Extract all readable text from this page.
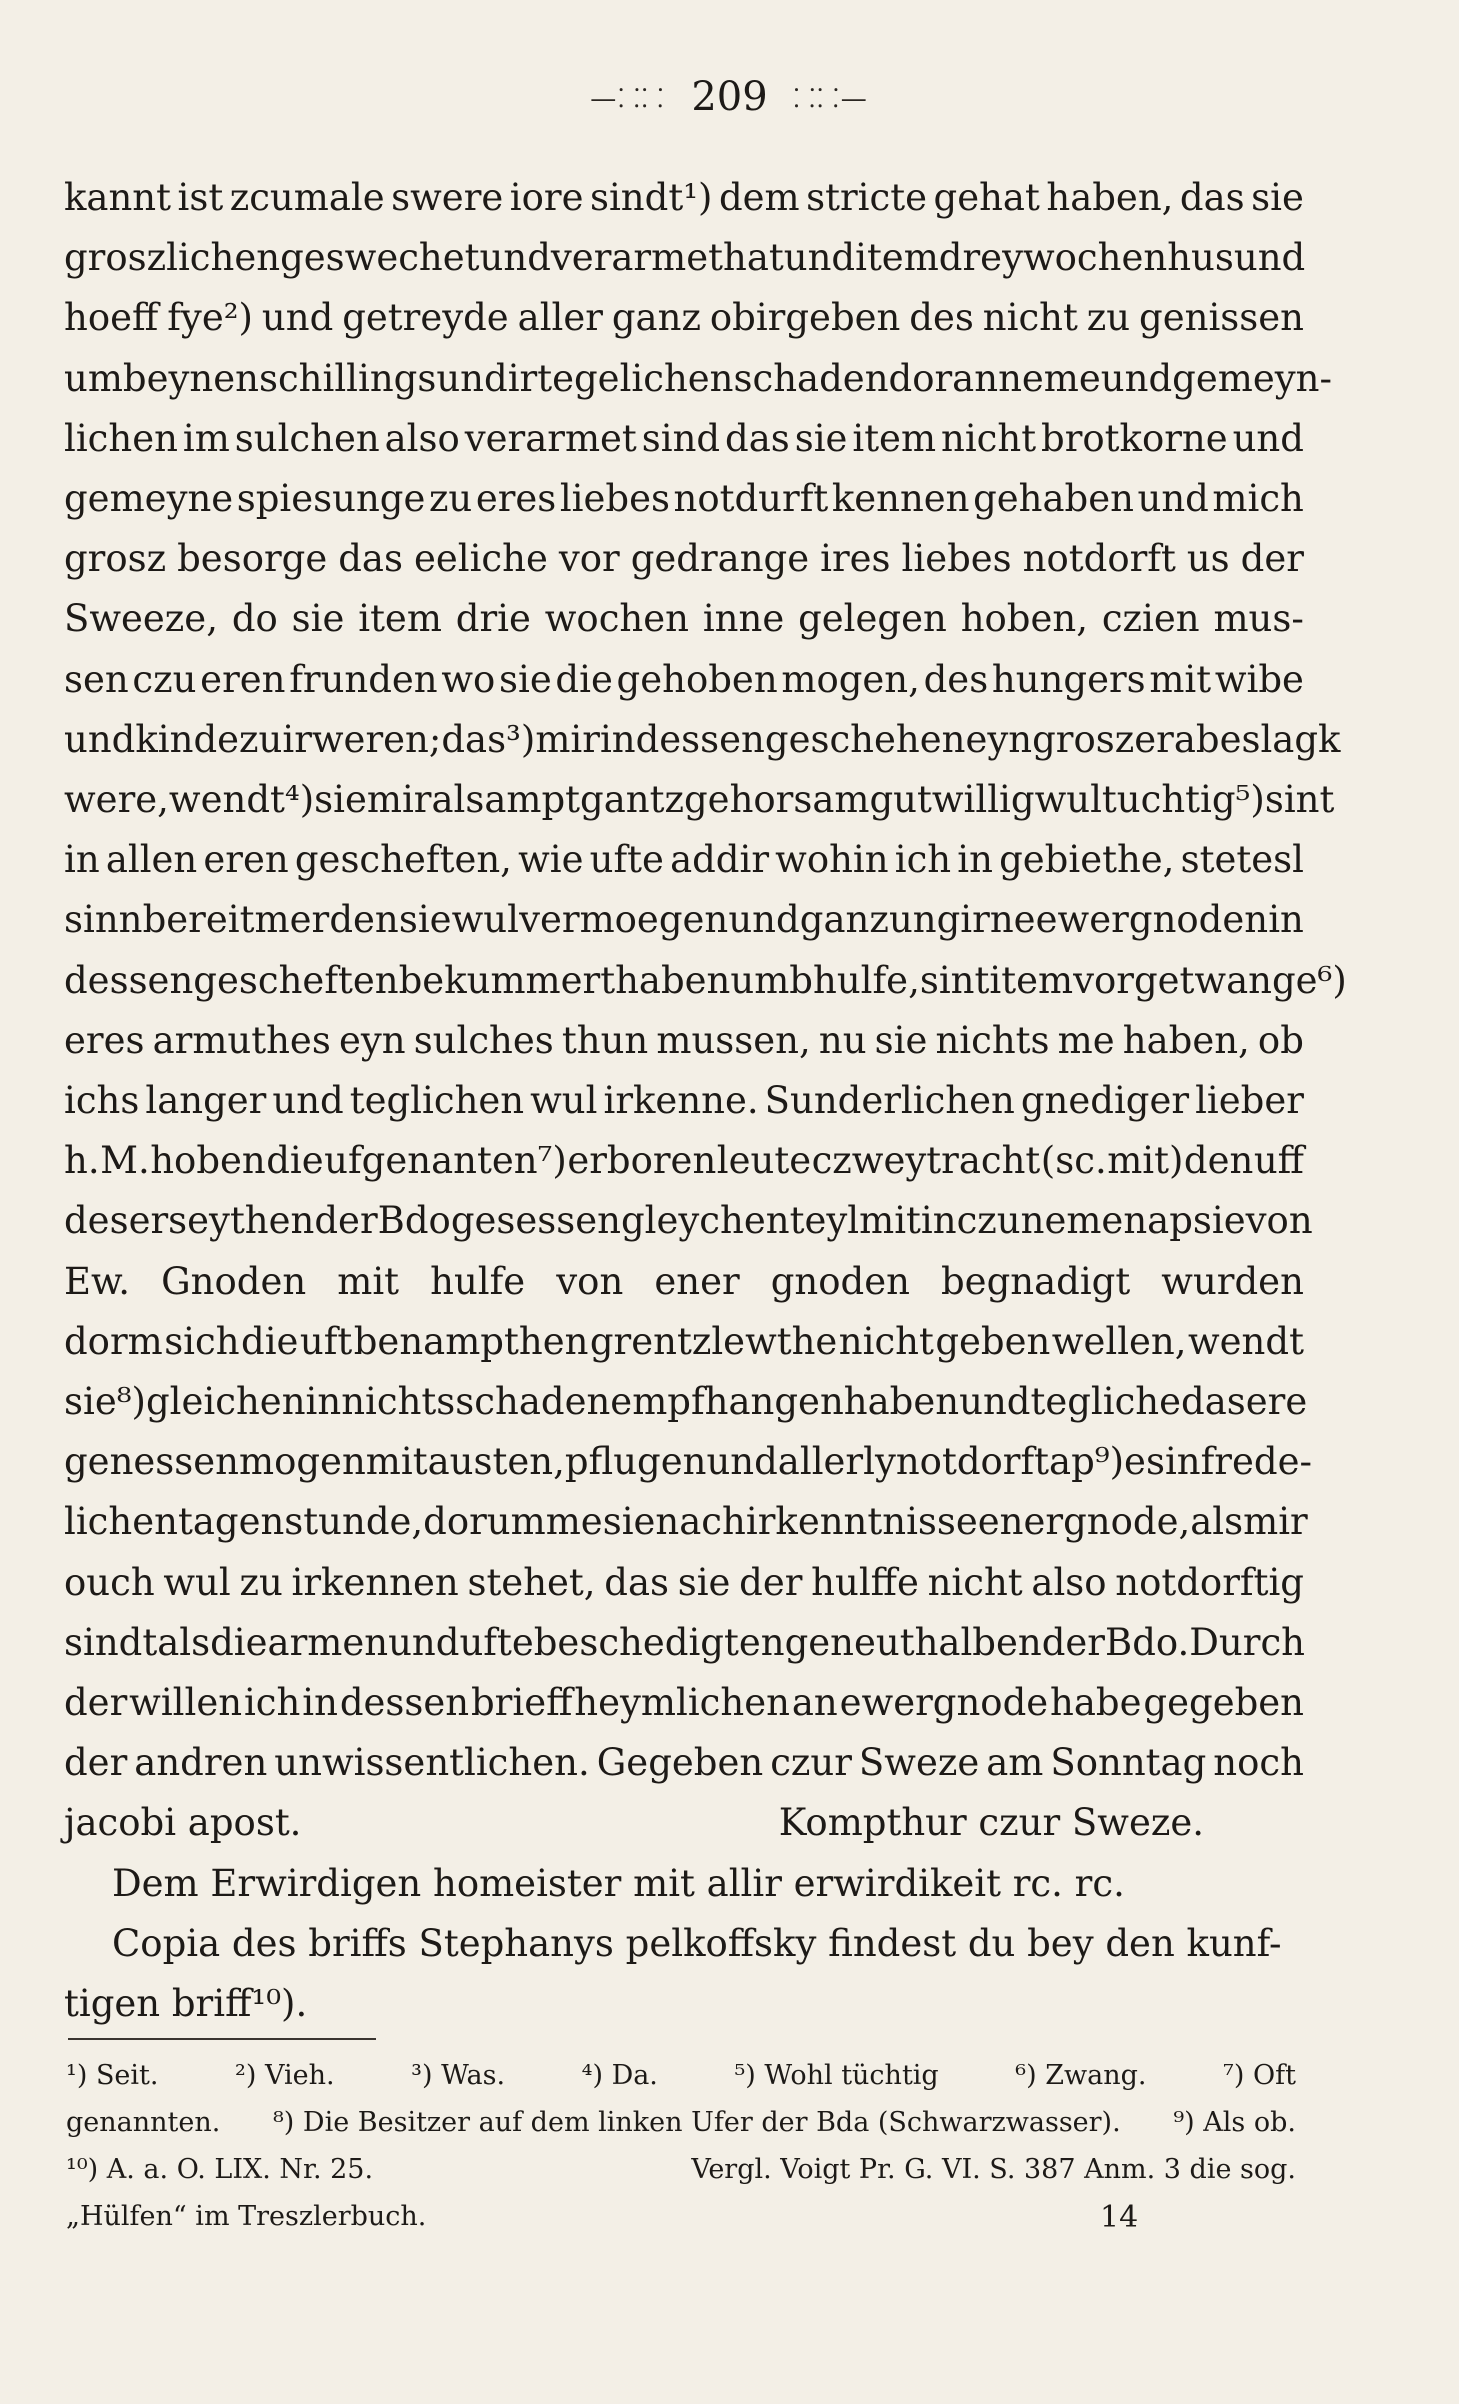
—⸬⸬ 209 ⸬⸬—
kannt ist zcumale swere iore sindt¹) dem stricte gehat haben, das sie
groszlichen geswechet und verarmet hat und item drey wochen hus und
hoeff fye²) und getreyde aller ganz obirgeben des nicht zu genissen
umb eynen schilling sundir tegelichen schaden doran neme und gemeyn-
lichen im sulchen also verarmet sind das sie item nicht brotkorne und
gemeyne spiesunge zu eres liebes notdurft kennen gehaben und mich
grosz besorge das eeliche vor gedrange ires liebes notdorft us der
Sweeze, do sie item drie wochen inne gelegen hoben, czien mus-
sen czu eren frunden wo sie die gehoben mogen, des hungers mit wibe
und kinde zu irweren; das³) mir indessen geschehen eyn groszer abeslagk
were, wendt⁴) sie mir alsampt gantz gehorsam gutwillig wultuchtig⁵) sint
in allen eren gescheften, wie ufte addir wohin ich in gebiethe, stetesl
sinn bereit mer den sie wul vermoegen und ganz ungirne ewer gnoden in
dessen gescheften bekummert haben umb hulfe, sint item vor getwange⁶)
eres armuthes eyn sulches thun mussen, nu sie nichts me haben, ob
ichs langer und teglichen wul irkenne. Sunderlichen gnediger lieber
h. M. hoben die ufgenanten⁷) erboren leute czweytracht (sc. mit) den uff
deser seythen der Bdo gesessen gleychen teyl mit in czu nemen ap sie von
Ew. Gnoden mit hulfe von ener gnoden begnadigt wurden
dorm sich die uft benampthen grentzlewthe nicht geben wellen, wendt
sie⁸) gleichen in nichts schaden empfhangen haben und tegliche das ere
genessen mogen mit austen, pflugen und allerly notdorft ap⁹) es in frede-
lichen tagen stunde, dorumme sie nach irkenntnisse ener gnode, als mir
ouch wul zu irkennen stehet, das sie der hulffe nicht also notdorftig
sindt als die armen und ufte beschedigten geneuthalben der Bdo. Durch
der willen ich in dessen brieff heymlichen an ewergnode habe gegeben
der andren unwissentlichen. Gegeben czur Sweze am Sonntag noch
jacobi apost.	Kompthur czur Sweze.
Dem Erwirdigen homeister mit allir erwirdikeit rc. rc.
Copia des briffs Stephanys pelkoffsky findest du bey den kunf-
tigen briff¹⁰).
¹) Seit.	²) Vieh.	³) Was.	⁴) Da.	⁵) Wohl tüchtig	⁶) Zwang.	⁷) Oft
genannten. ⁸) Die Besitzer auf dem linken Ufer der Bda (Schwarzwasser). ⁹) Als ob.
¹⁰) A. a. O. LIX. Nr. 25.	Vergl. Voigt Pr. G. VI. S. 387 Anm. 3 die sog.
„Hülfen“ im Treszlerbuch.	14
